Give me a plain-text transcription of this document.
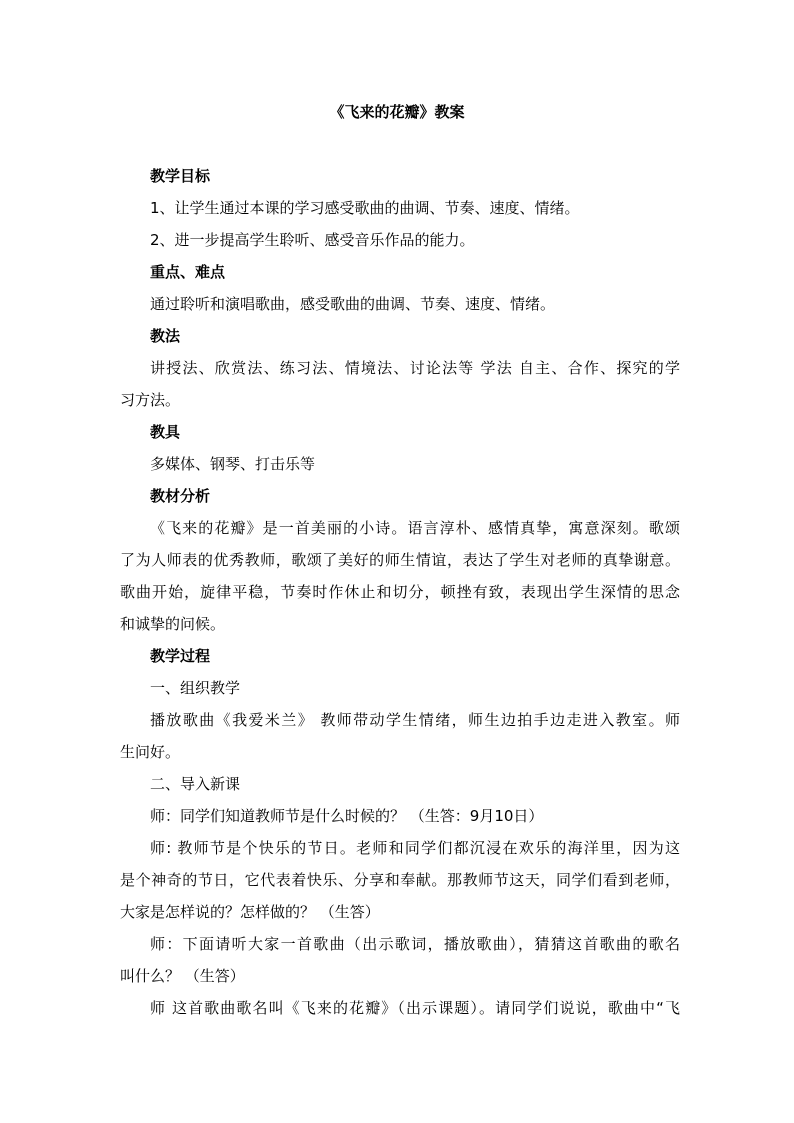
《飞来的花瓣》教案
教学目标
1、让学生通过本课的学习感受歌曲的曲调、节奏、速度、情绪。
2、进一步提高学生聆听、感受音乐作品的能力。
重点、难点
通过聆听和演唱歌曲，感受歌曲的曲调、节奏、速度、情绪。
教法
讲授法、欣赏法、练习法、情境法、讨论法等 学法 自主、合作、探究的学
习方法。
教具
多媒体、钢琴、打击乐等
教材分析
《飞来的花瓣》是一首美丽的小诗。语言淳朴、感情真挚，寓意深刻。歌颂
了为人师表的优秀教师，歌颂了美好的师生情谊，表达了学生对老师的真挚谢意。
歌曲开始，旋律平稳，节奏时作休止和切分，顿挫有致，表现出学生深情的思念
和诚挚的问候。
教学过程
一、组织教学
播放歌曲《我爱米兰》 教师带动学生情绪，师生边拍手边走进入教室。师
生问好。
二、导入新课
师：同学们知道教师节是什么时候的？ （生答：9月10日）
师: 教师节是个快乐的节日。老师和同学们都沉浸在欢乐的海洋里，因为这
是个神奇的节日，它代表着快乐、分享和奉献。那教师节这天，同学们看到老师，
大家是怎样说的？怎样做的？ （生答）
师：下面请听大家一首歌曲（出示歌词，播放歌曲），猜猜这首歌曲的歌名
叫什么？ （生答）
师 这首歌曲歌名叫《飞来的花瓣》（出示课题）。请同学们说说，歌曲中“飞
